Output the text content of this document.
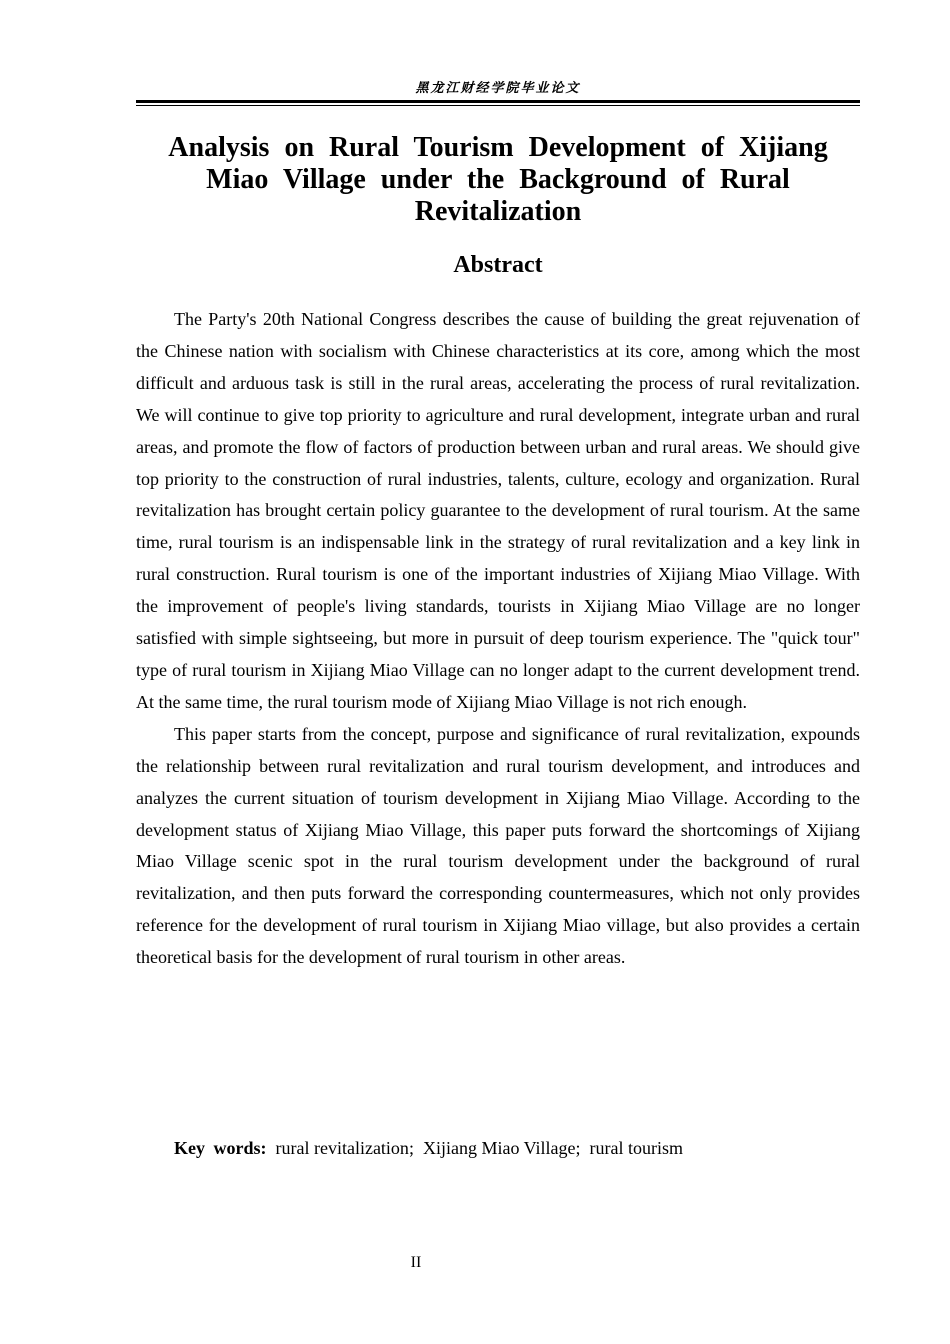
黑龙江财经学院毕业论文
Analysis on Rural Tourism Development of Xijiang Miao Village under the Background of Rural Revitalization
Abstract

The Party's 20th National Congress describes the cause of building the great rejuvenation of the Chinese nation with socialism with Chinese characteristics at its core, among which the most difficult and arduous task is still in the rural areas, accelerating the process of rural revitalization. We will continue to give top priority to agriculture and rural development, integrate urban and rural areas, and promote the flow of factors of production between urban and rural areas. We should give top priority to the construction of rural industries, talents, culture, ecology and organization. Rural revitalization has brought certain policy guarantee to the development of rural tourism. At the same time, rural tourism is an indispensable link in the strategy of rural revitalization and a key link in rural construction. Rural tourism is one of the important industries of Xijiang Miao Village. With the improvement of people's living standards, tourists in Xijiang Miao Village are no longer satisfied with simple sightseeing, but more in pursuit of deep tourism experience. The "quick tour" type of rural tourism in Xijiang Miao Village can no longer adapt to the current development trend. At the same time, the rural tourism mode of Xijiang Miao Village is not rich enough.

This paper starts from the concept, purpose and significance of rural revitalization, expounds the relationship between rural revitalization and rural tourism development, and introduces and analyzes the current situation of tourism development in Xijiang Miao Village. According to the development status of Xijiang Miao Village, this paper puts forward the shortcomings of Xijiang Miao Village scenic spot in the rural tourism development under the background of rural revitalization, and then puts forward the corresponding countermeasures, which not only provides reference for the development of rural tourism in Xijiang Miao village, but also provides a certain theoretical basis for the development of rural tourism in other areas.

Key words: rural revitalization;  Xijiang Miao Village;  rural tourism
II
